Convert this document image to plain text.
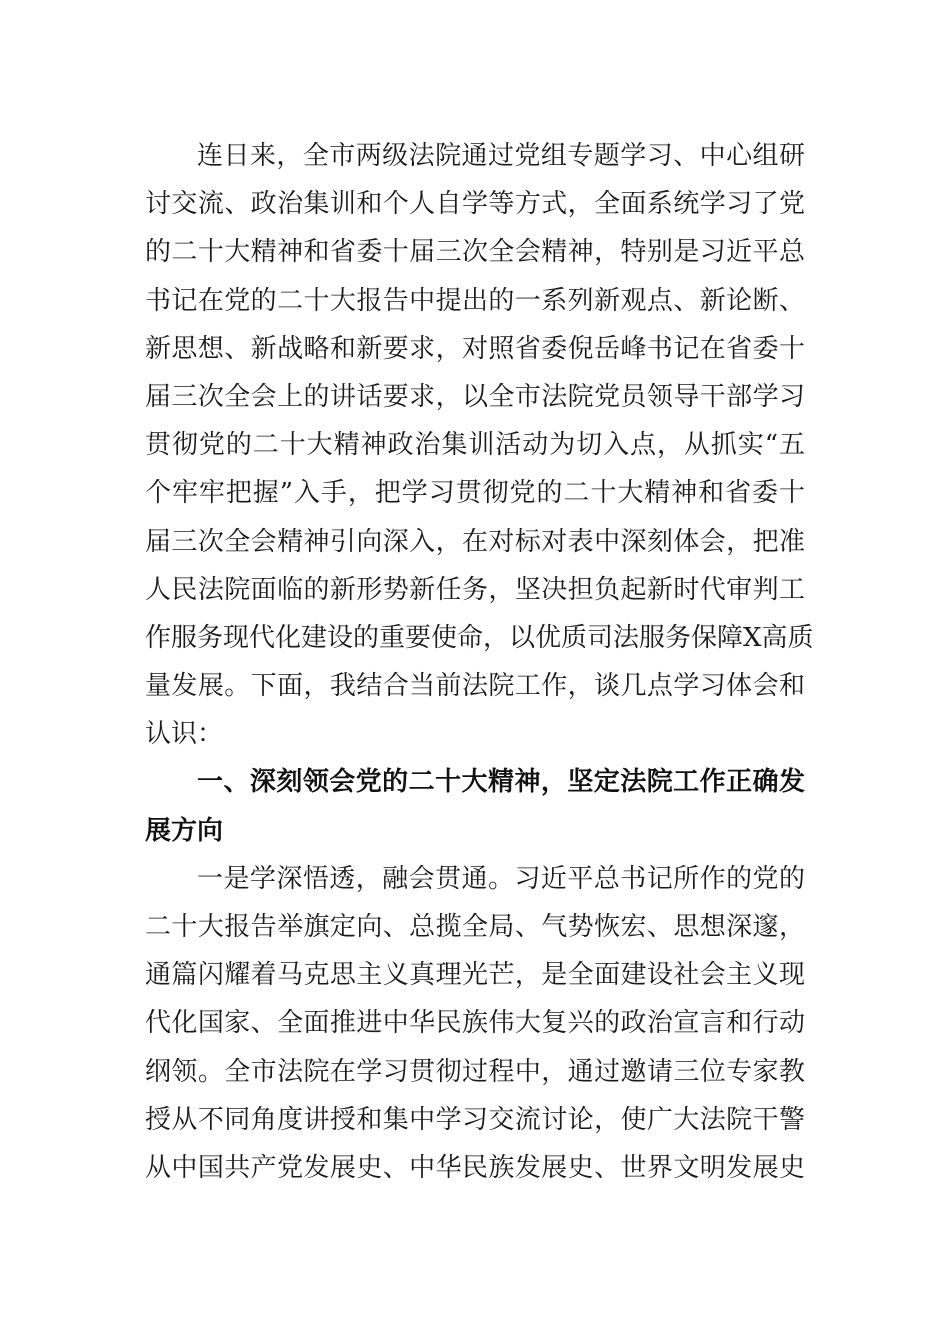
连日来，全市两级法院通过党组专题学习、中心组研
讨交流、政治集训和个人自学等方式，全面系统学习了党
的二十大精神和省委十届三次全会精神，特别是习近平总
书记在党的二十大报告中提出的一系列新观点、新论断、
新思想、新战略和新要求，对照省委倪岳峰书记在省委十
届三次全会上的讲话要求，以全市法院党员领导干部学习
贯彻党的二十大精神政治集训活动为切入点，从抓实“五
个牢牢把握”入手，把学习贯彻党的二十大精神和省委十
届三次全会精神引向深入，在对标对表中深刻体会，把准
人民法院面临的新形势新任务，坚决担负起新时代审判工
作服务现代化建设的重要使命，以优质司法服务保障X高质
量发展。下面，我结合当前法院工作，谈几点学习体会和
认识：
一、深刻领会党的二十大精神，坚定法院工作正确发
展方向
一是学深悟透，融会贯通。习近平总书记所作的党的
二十大报告举旗定向、总揽全局、气势恢宏、思想深邃，
通篇闪耀着马克思主义真理光芒，是全面建设社会主义现
代化国家、全面推进中华民族伟大复兴的政治宣言和行动
纲领。全市法院在学习贯彻过程中，通过邀请三位专家教
授从不同角度讲授和集中学习交流讨论，使广大法院干警
从中国共产党发展史、中华民族发展史、世界文明发展史
